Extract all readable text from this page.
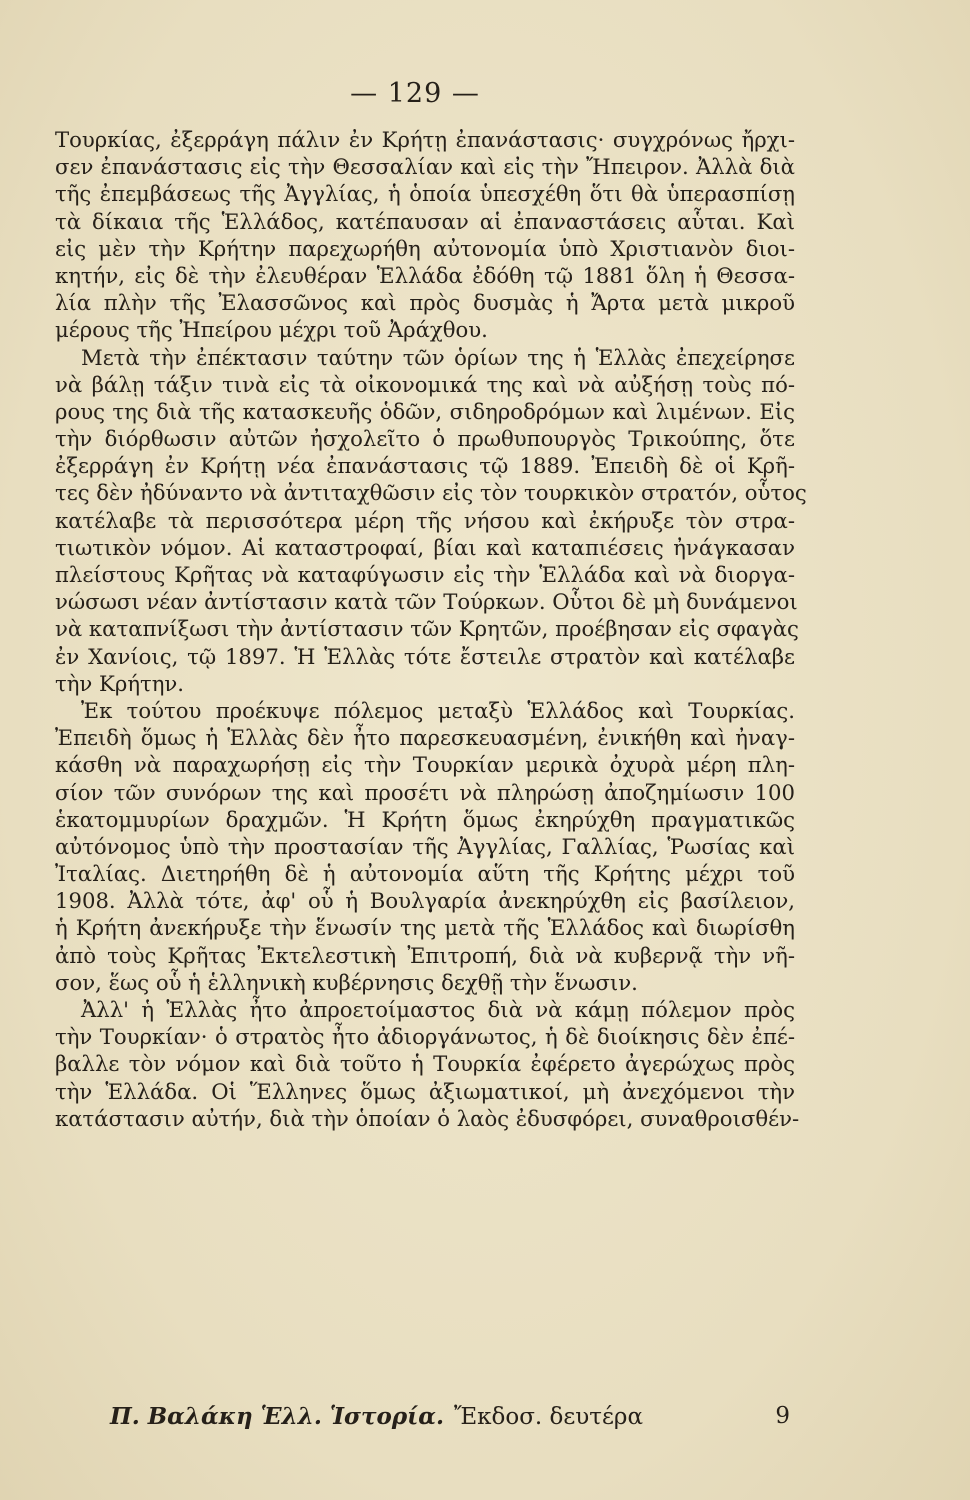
— 129 —
Τουρκίας, ἐξερράγη πάλιν ἐν Κρήτῃ ἐπανάστασις· συγχρόνως ἤρχι-
σεν ἐπανάστασις εἰς τὴν Θεσσαλίαν καὶ εἰς τὴν Ἤπειρον. Ἀλλὰ διὰ
τῆς ἐπεμβάσεως τῆς Ἀγγλίας, ἡ ὁποία ὑπεσχέθη ὅτι θὰ ὑπερασπίσῃ
τὰ δίκαια τῆς Ἑλλάδος, κατέπαυσαν αἱ ἐπαναστάσεις αὗται. Καὶ
εἰς μὲν τὴν Κρήτην παρεχωρήθη αὐτονομία ὑπὸ Χριστιανὸν διοι-
κητήν, εἰς δὲ τὴν ἐλευθέραν Ἑλλάδα ἐδόθη τῷ 1881 ὅλη ἡ Θεσσα-
λία πλὴν τῆς Ἐλασσῶνος καὶ πρὸς δυσμὰς ἡ Ἄρτα μετὰ μικροῦ
μέρους τῆς Ἠπείρου μέχρι τοῦ Ἀράχθου.
Μετὰ τὴν ἐπέκτασιν ταύτην τῶν ὁρίων της ἡ Ἑλλὰς ἐπεχείρησε
νὰ βάλῃ τάξιν τινὰ εἰς τὰ οἰκονομικά της καὶ νὰ αὐξήσῃ τοὺς πό-
ρους της διὰ τῆς κατασκευῆς ὁδῶν, σιδηροδρόμων καὶ λιμένων. Εἰς
τὴν διόρθωσιν αὐτῶν ἠσχολεῖτο ὁ πρωθυπουργὸς Τρικούπης, ὅτε
ἐξερράγη ἐν Κρήτῃ νέα ἐπανάστασις τῷ 1889. Ἐπειδὴ δὲ οἱ Κρῆ-
τες δὲν ἠδύναντο νὰ ἀντιταχθῶσιν εἰς τὸν τουρκικὸν στρατόν, οὗτος
κατέλαβε τὰ περισσότερα μέρη τῆς νήσου καὶ ἐκήρυξε τὸν στρα-
τιωτικὸν νόμον. Αἱ καταστροφαί, βίαι καὶ καταπιέσεις ἠνάγκασαν
πλείστους Κρῆτας νὰ καταφύγωσιν εἰς τὴν Ἑλλάδα καὶ νὰ διοργα-
νώσωσι νέαν ἀντίστασιν κατὰ τῶν Τούρκων. Οὗτοι δὲ μὴ δυνάμενοι
νὰ καταπνίξωσι τὴν ἀντίστασιν τῶν Κρητῶν, προέβησαν εἰς σφαγὰς
ἐν Χανίοις, τῷ 1897. Ἡ Ἑλλὰς τότε ἔστειλε στρατὸν καὶ κατέλαβε
τὴν Κρήτην.
Ἐκ τούτου προέκυψε πόλεμος μεταξὺ Ἑλλάδος καὶ Τουρκίας.
Ἐπειδὴ ὅμως ἡ Ἑλλὰς δὲν ἦτο παρεσκευασμένη, ἐνικήθη καὶ ἠναγ-
κάσθη νὰ παραχωρήσῃ εἰς τὴν Τουρκίαν μερικὰ ὀχυρὰ μέρη πλη-
σίον τῶν συνόρων της καὶ προσέτι νὰ πληρώσῃ ἀποζημίωσιν 100
ἑκατομμυρίων δραχμῶν. Ἡ Κρήτη ὅμως ἐκηρύχθη πραγματικῶς
αὐτόνομος ὑπὸ τὴν προστασίαν τῆς Ἀγγλίας, Γαλλίας, Ῥωσίας καὶ
Ἰταλίας. Διετηρήθη δὲ ἡ αὐτονομία αὕτη τῆς Κρήτης μέχρι τοῦ
1908. Ἀλλὰ τότε, ἀφ' οὗ ἡ Βουλγαρία ἀνεκηρύχθη εἰς βασίλειον,
ἡ Κρήτη ἀνεκήρυξε τὴν ἕνωσίν της μετὰ τῆς Ἑλλάδος καὶ διωρίσθη
ἀπὸ τοὺς Κρῆτας Ἐκτελεστικὴ Ἐπιτροπή, διὰ νὰ κυβερνᾷ τὴν νῆ-
σον, ἕως οὗ ἡ ἑλληνικὴ κυβέρνησις δεχθῇ τὴν ἕνωσιν.
Ἀλλ' ἡ Ἑλλὰς ἦτο ἀπροετοίμαστος διὰ νὰ κάμῃ πόλεμον πρὸς
τὴν Τουρκίαν· ὁ στρατὸς ἦτο ἀδιοργάνωτος, ἡ δὲ διοίκησις δὲν ἐπέ-
βαλλε τὸν νόμον καὶ διὰ τοῦτο ἡ Τουρκία ἐφέρετο ἀγερώχως πρὸς
τὴν Ἑλλάδα. Οἱ Ἕλληνες ὅμως ἀξιωματικοί, μὴ ἀνεχόμενοι τὴν
κατάστασιν αὐτήν, διὰ τὴν ὁποίαν ὁ λαὸς ἐδυσφόρει, συναθροισθέν-
Π. Βαλάκη Ἑλλ. Ἱστορία. Ἔκδοσ. δευτέρα	9
